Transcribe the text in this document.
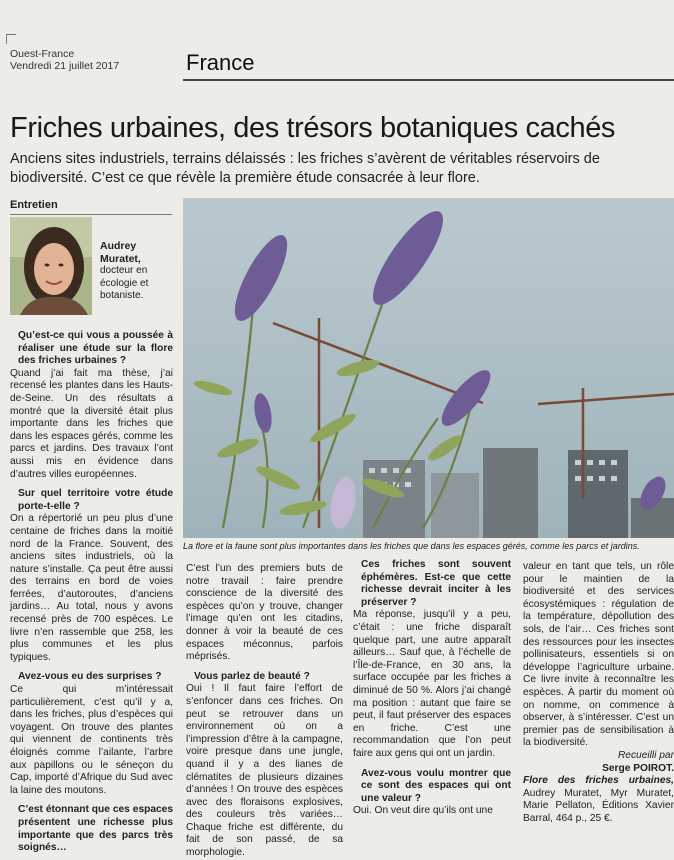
Ouest-France
Vendredi 21 juillet 2017	France
Friches urbaines, des trésors botaniques cachés
Anciens sites industriels, terrains délaissés : les friches s’avèrent de véritables réservoirs de biodiversité. C’est ce que révèle la première étude consacrée à leur flore.
Entretien
Audrey Muratet,
docteur en écologie et botaniste.
La flore et la faune sont plus importantes dans les friches que dans les espaces gérés, comme les parcs et jardins.

Qu’est-ce qui vous a poussée à réaliser une étude sur la flore des friches urbaines ?

Quand j’ai fait ma thèse, j’ai recensé les plantes dans les Hauts-de-Seine. Un des résultats a montré que la diversité était plus importante dans les friches que dans les espaces gérés, comme les parcs et jardins. Des travaux l’ont aussi mis en évidence dans d’autres villes européennes.

Sur quel territoire votre étude porte-t-elle ?

On a répertorié un peu plus d’une centaine de friches dans la moitié nord de la France. Souvent, des anciens sites industriels, où la nature s’installe. Ça peut être aussi des terrains en bord de voies ferrées, d’autoroutes, d’anciens jardins… Au total, nous y avons recensé près de 700 espèces. Le livre n’en rassemble que 258, les plus communes et les plus typiques.

Avez-vous eu des surprises ?

Ce qui m’intéressait particulièrement, c’est qu’il y a, dans les friches, plus d’espèces qui voyagent. On trouve des plantes qui viennent de continents très éloignés comme l’ailante, l’arbre aux papillons ou le séneçon du Cap, importé d’Afrique du Sud avec la laine des moutons.

C’est étonnant que ces espaces présentent une richesse plus importante que des parcs très soignés…

C’est l’un des premiers buts de notre travail : faire prendre conscience de la diversité des espèces qu’on y trouve, changer l’image qu’en ont les citadins, donner à voir la beauté de ces espaces méconnus, parfois méprisés.

Vous parlez de beauté ?

Oui ! Il faut faire l’effort de s’enfoncer dans ces friches. On peut se retrouver dans un environnement où on a l’impression d’être à la campagne, voire presque dans une jungle, quand il y a des lianes de clématites de plusieurs dizaines d’années ! On trouve des espèces avec des floraisons explosives, des couleurs très variées… Chaque friche est différente, du fait de son passé, de sa morphologie.

Ces friches sont souvent éphémères. Est-ce que cette richesse devrait inciter à les préserver ?

Ma réponse, jusqu’il y a peu, c’était : une friche disparaît quelque part, une autre apparaît ailleurs… Sauf que, à l’échelle de l’Île-de-France, en 30 ans, la surface occupée par les friches a diminué de 50 %. Alors j’ai changé ma position : autant que faire se peut, il faut préserver des espaces en friche. C’est une recommandation que l’on peut faire aux gens qui ont un jardin.

Avez-vous voulu montrer que ce sont des espaces qui ont une valeur ?

Oui. On veut dire qu’ils ont une

valeur en tant que tels, un rôle pour le maintien de la biodiversité et des services écosystémiques : régulation de la température, dépollution des sols, de l’air… Ces friches sont des ressources pour les insectes pollinisateurs, essentiels si on développe l’agriculture urbaine. Ce livre invite à reconnaître les espèces. À partir du moment où on nomme, on commence à observer, à s’intéresser. C’est un premier pas de sensibilisation à la biodiversité.

Recueilli par

Serge POIROT.

Flore des friches urbaines, Audrey Muratet, Myr Muratet, Marie Pellaton, Éditions Xavier Barral, 464 p., 25 €.
